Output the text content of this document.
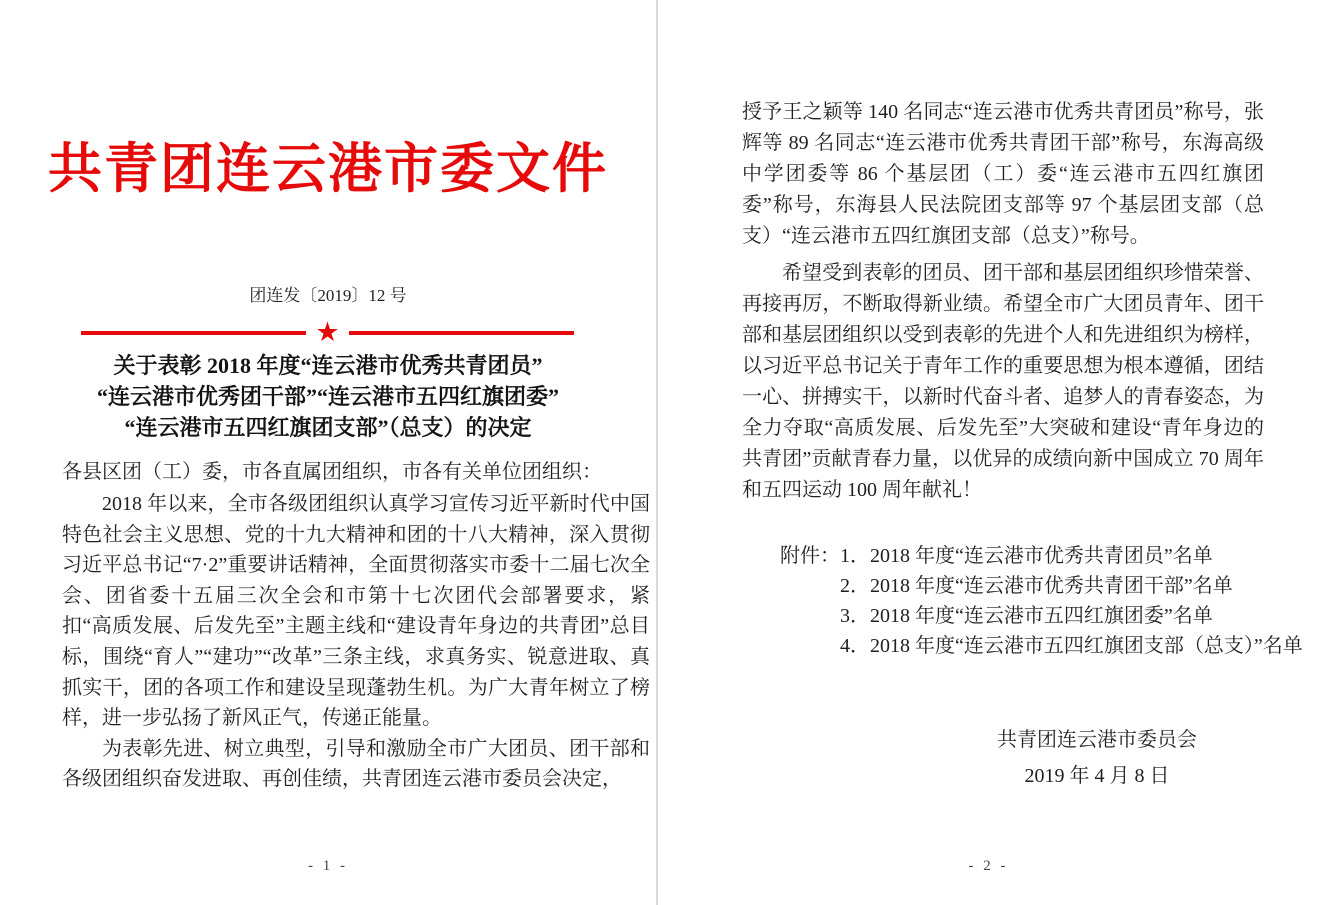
共青团连云港市委文件
团连发〔2019〕12 号
★
关于表彰 2018 年度“连云港市优秀共青团员”
“连云港市优秀团干部”“连云港市五四红旗团委”
“连云港市五四红旗团支部”（总支）的决定
各县区团（工）委，市各直属团组织，市各有关单位团组织：

2018 年以来，全市各级团组织认真学习宣传习近平新时代中国特色社会主义思想、党的十九大精神和团的十八大精神，深入贯彻习近平总书记“7·2”重要讲话精神，全面贯彻落实市委十二届七次全会、团省委十五届三次全会和市第十七次团代会部署要求，紧扣“高质发展、后发先至”主题主线和“建设青年身边的共青团”总目标，围绕“育人”“建功”“改革”三条主线，求真务实、锐意进取、真抓实干，团的各项工作和建设呈现蓬勃生机。为广大青年树立了榜样，进一步弘扬了新风正气，传递正能量。

为表彰先进、树立典型，引导和激励全市广大团员、团干部和各级团组织奋发进取、再创佳绩，共青团连云港市委员会决定，

- 1 -

授予王之颖等 140 名同志“连云港市优秀共青团员”称号，张辉等 89 名同志“连云港市优秀共青团干部”称号，东海高级中学团委等 86 个基层团（工）委“连云港市五四红旗团委”称号，东海县人民法院团支部等 97 个基层团支部（总支）“连云港市五四红旗团支部（总支）”称号。

希望受到表彰的团员、团干部和基层团组织珍惜荣誉、再接再厉，不断取得新业绩。希望全市广大团员青年、团干部和基层团组织以受到表彰的先进个人和先进组织为榜样，以习近平总书记关于青年工作的重要思想为根本遵循，团结一心、拼搏实干，以新时代奋斗者、追梦人的青春姿态，为全力夺取“高质发展、后发先至”大突破和建设“青年身边的共青团”贡献青春力量，以优异的成绩向新中国成立 70 周年和五四运动 100 周年献礼！

附件： 1．2018 年度“连云港市优秀共青团员”名单
2．2018 年度“连云港市优秀共青团干部”名单
3．2018 年度“连云港市五四红旗团委”名单
4．2018 年度“连云港市五四红旗团支部（总支）”名单
共青团连云港市委员会
2019 年 4 月 8 日
- 2 -
